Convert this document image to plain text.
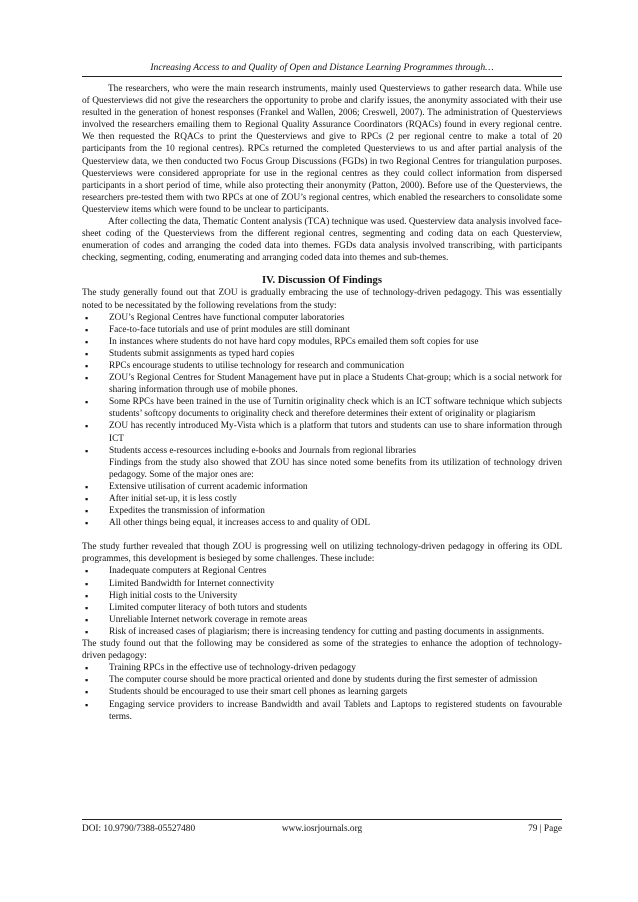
Increasing Access to and Quality of Open and Distance Learning Programmes through…

The researchers, who were the main research instruments, mainly used Questerviews to gather research data. While use of Questerviews did not give the researchers the opportunity to probe and clarify issues, the anonymity associated with their use resulted in the generation of honest responses (Frankel and Wallen, 2006; Creswell, 2007). The administration of Questerviews involved the researchers emailing them to Regional Quality Assurance Coordinators (RQACs) found in every regional centre. We then requested the RQACs to print the Questerviews and give to RPCs (2 per regional centre to make a total of 20 participants from the 10 regional centres). RPCs returned the completed Questerviews to us and after partial analysis of the Questerview data, we then conducted two Focus Group Discussions (FGDs) in two Regional Centres for triangulation purposes. Questerviews were considered appropriate for use in the regional centres as they could collect information from dispersed participants in a short period of time, while also protecting their anonymity (Patton, 2000). Before use of the Questerviews, the researchers pre-tested them with two RPCs at one of ZOU’s regional centres, which enabled the researchers to consolidate some Questerview items which were found to be unclear to participants.

After collecting the data, Thematic Content analysis (TCA) technique was used. Questerview data analysis involved face-sheet coding of the Questerviews from the different regional centres, segmenting and coding data on each Questerview, enumeration of codes and arranging the coded data into themes. FGDs data analysis involved transcribing, with participants checking, segmenting, coding, enumerating and arranging coded data into themes and sub-themes.

IV. Discussion Of Findings

The study generally found out that ZOU is gradually embracing the use of technology-driven pedagogy. This was essentially noted to be necessitated by the following revelations from the study:

▪ ZOU’s Regional Centres have functional computer laboratories
▪ Face-to-face tutorials and use of print modules are still dominant
▪ In instances where students do not have hard copy modules, RPCs emailed them soft copies for use
▪ Students submit assignments as typed hard copies
▪ RPCs encourage students to utilise technology for research and communication
▪ ZOU’s Regional Centres for Student Management have put in place a Students Chat-group; which is a social network for sharing information through use of mobile phones.
▪ Some RPCs have been trained in the use of Turnitin originality check which is an ICT software technique which subjects students’ softcopy documents to originality check and therefore determines their extent of originality or plagiarism
▪ ZOU has recently introduced My-Vista which is a platform that tutors and students can use to share information through ICT
▪ Students access e-resources including e-books and Journals from regional libraries

Findings from the study also showed that ZOU has since noted some benefits from its utilization of technology driven pedagogy. Some of the major ones are:

▪ Extensive utilisation of current academic information
▪ After initial set-up, it is less costly
▪ Expedites the transmission of information
▪ All other things being equal, it increases access to and quality of ODL

The study further revealed that though ZOU is progressing well on utilizing technology-driven pedagogy in offering its ODL programmes, this development is besieged by some challenges. These include:

▪ Inadequate computers at Regional Centres
▪ Limited Bandwidth for Internet connectivity
▪ High initial costs to the University
▪ Limited computer literacy of both tutors and students
▪ Unreliable Internet network coverage in remote areas
▪ Risk of increased cases of plagiarism; there is increasing tendency for cutting and pasting documents in assignments.

The study found out that the following may be considered as some of the strategies to enhance the adoption of technology-driven pedagogy:

▪ Training RPCs in the effective use of technology-driven pedagogy
▪ The computer course should be more practical oriented and done by students during the first semester of admission
▪ Students should be encouraged to use their smart cell phones as learning gargets
▪ Engaging service providers to increase Bandwidth and avail Tablets and Laptops to registered students on favourable terms.
DOI: 10.9790/7388-05527480	www.iosrjournals.org	79 | Page
